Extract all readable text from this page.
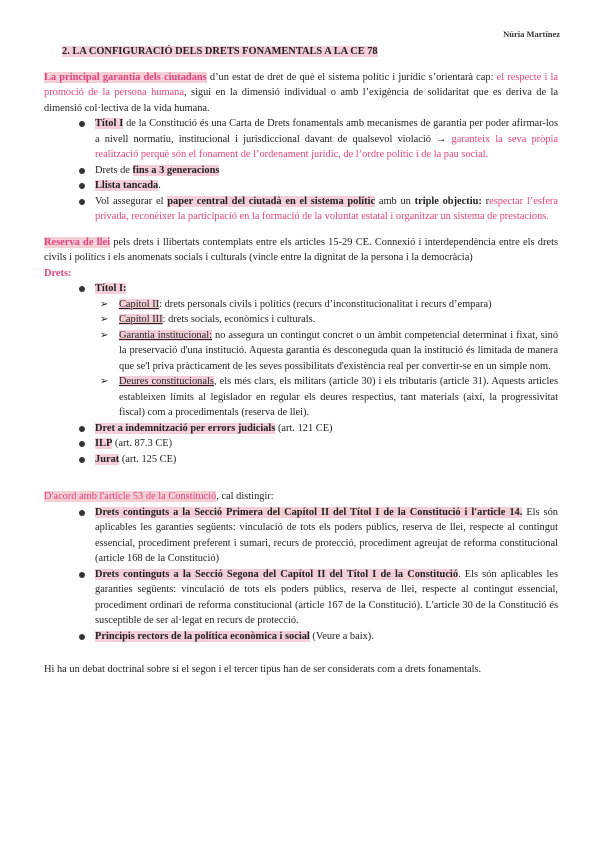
Núria Martínez
2. LA CONFIGURACIÓ DELS DRETS FONAMENTALS A LA CE 78

La principal garantia dels ciutadans d’un estat de dret de què el sistema polític i jurídic s’orientarà cap: el respecte i la promoció de la persona humana, sigui en la dimensió individual o amb l’exigència de solidaritat que es deriva de la dimensió col·lectiva de la vida humana.

Títol I de la Constitució és una Carta de Drets fonamentals amb mecanismes de garantia per poder afirmar-los a nivell normatiu, institucional i jurisdiccional davant de qualsevol violació → garanteix la seva pròpia realització perquè són el fonament de l’ordenament jurídic, de l’ordre polític i de la pau social.
Drets de fins a 3 generacions
Llista tancada.
Vol assegurar el paper central del ciutadà en el sistema polític amb un triple objectiu: respectar l’esfera privada, reconèixer la participació en la formació de la voluntat estatal i organitzar un sistema de prestacions.

Reserva de llei pels drets i llibertats contemplats entre els articles 15-29 CE. Connexió i interdependència entre els drets civils i polítics i els anomenats socials i culturals (vincle entre la dignitat de la persona i la democràcia)

Drets:

Títol I:
➢ Capítol II: drets personals civils i polítics (recurs d’inconstitucionalitat i recurs d’empara)
➢ Capítol III: drets socials, econòmics i culturals.
➢ Garantia institucional: no assegura un contingut concret o un àmbit competencial determinat i fixat, sinó la preservació d'una institució. Aquesta garantia és desconeguda quan la institució és limitada de manera que se'l priva pràcticament de les seves possibilitats d'existència real per convertir-se en un simple nom.
➢ Deures constitucionals, els més clars, els militars (article 30) i els tributaris (article 31). Aquests articles estableixen límits al legislador en regular els deures respectius, tant materials (així, la progressivitat fiscal) com a procedimentals (reserva de llei).
Dret a indemnització per errors judicials (art. 121 CE)
ILP (art. 87.3 CE)
Jurat (art. 125 CE)

D'acord amb l'article 53 de la Constitució, cal distingir:

Drets continguts a la Secció Primera del Capítol II del Títol I de la Constitució i l'article 14. Els són aplicables les garanties següents: vinculació de tots els poders públics, reserva de llei, respecte al contingut essencial, procediment preferent i sumari, recurs de protecció, procediment agreujat de reforma constitucional (article 168 de la Constitució)
Drets continguts a la Secció Segona del Capítol II del Títol I de la Constitució. Els són aplicables les garanties següents: vinculació de tots els poders públics, reserva de llei, respecte al contingut essencial, procediment ordinari de reforma constitucional (article 167 de la Constitució). L'article 30 de la Constitució és susceptible de ser al·legat en recurs de protecció.
Principis rectors de la política econòmica i social (Veure a baix).

Hi ha un debat doctrinal sobre si el segon i el tercer tipus han de ser considerats com a drets fonamentals.
